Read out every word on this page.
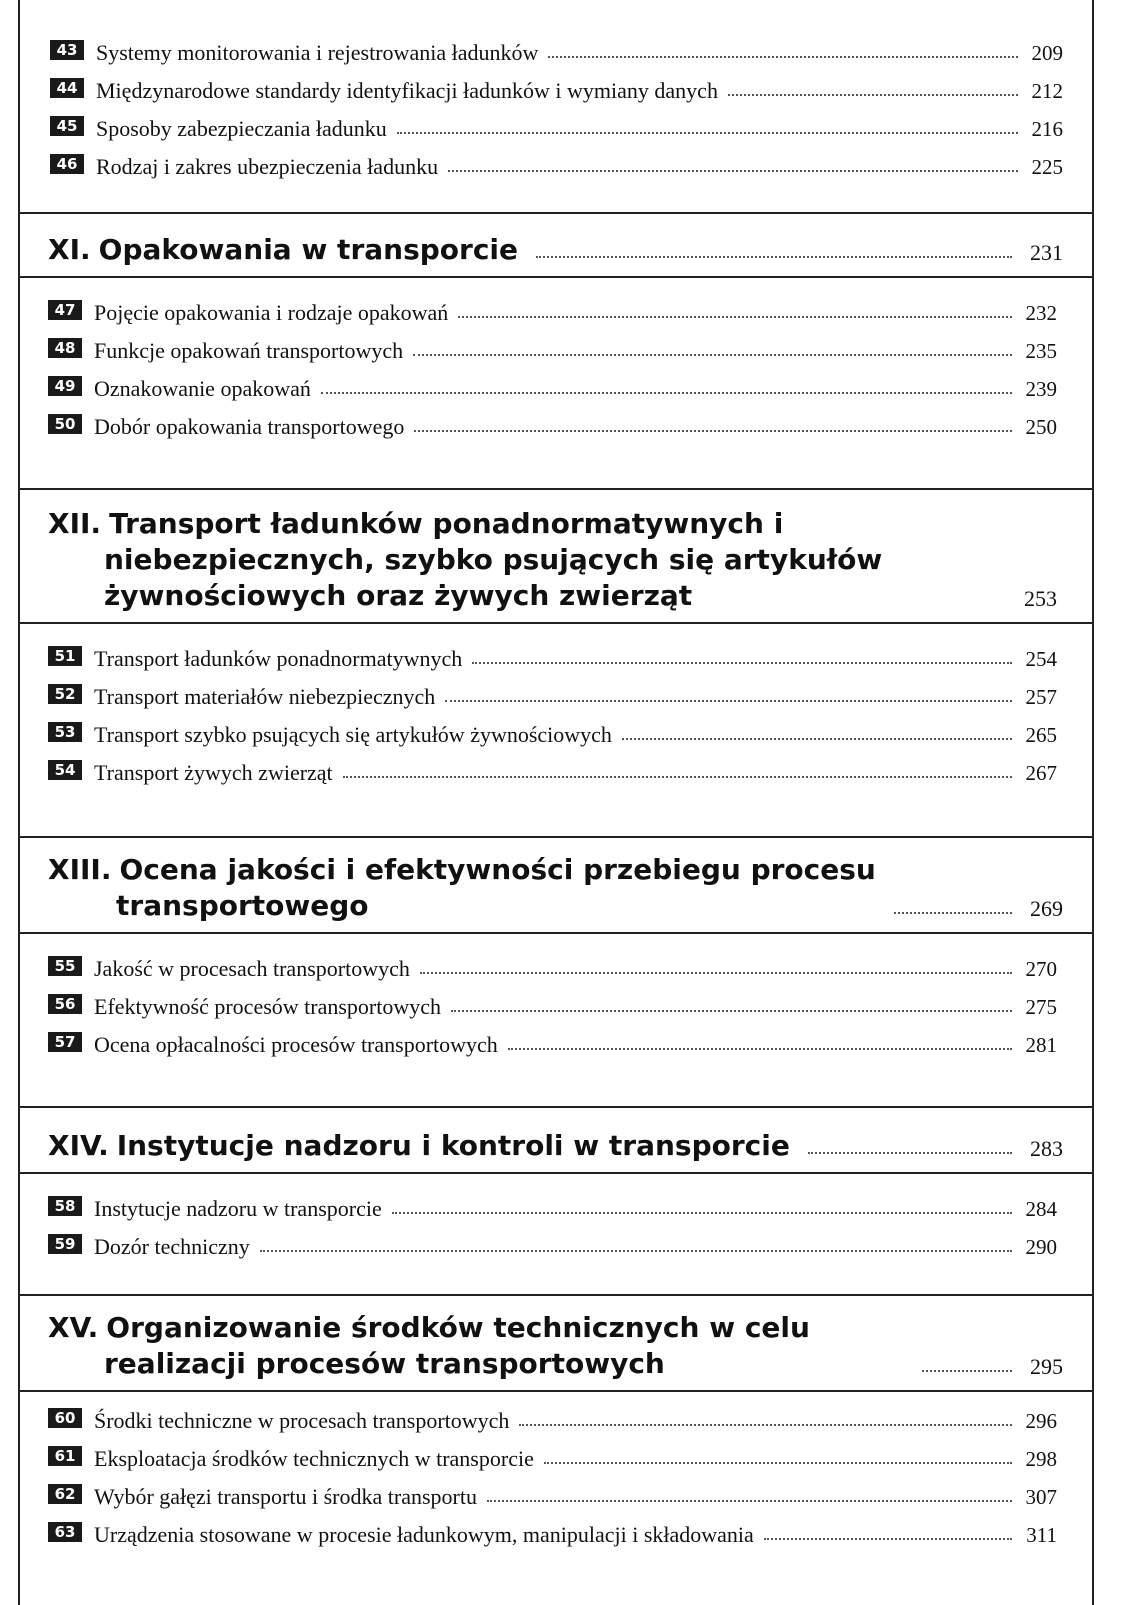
43 Systemy monitorowania i rejestrowania ładunków	209
44 Międzynarodowe standardy identyfikacji ładunków i wymiany danych	212
45 Sposoby zabezpieczania ładunku	216
46 Rodzaj i zakres ubezpieczenia ładunku	225
XI. Opakowania w transporcie	231
47 Pojęcie opakowania i rodzaje opakowań	232
48 Funkcje opakowań transportowych	235
49 Oznakowanie opakowań	239
50 Dobór opakowania transportowego	250
XII. Transport ładunków ponadnormatywnych i niebezpiecznych, szybko psujących się artykułów żywnościowych oraz żywych zwierząt	253
51 Transport ładunków ponadnormatywnych	254
52 Transport materiałów niebezpiecznych	257
53 Transport szybko psujących się artykułów żywnościowych	265
54 Transport żywych zwierząt	267
XIII. Ocena jakości i efektywności przebiegu procesu transportowego	269
55 Jakość w procesach transportowych	270
56 Efektywność procesów transportowych	275
57 Ocena opłacalności procesów transportowych	281
XIV. Instytucje nadzoru i kontroli w transporcie	283
58 Instytucje nadzoru w transporcie	284
59 Dozór techniczny	290
XV. Organizowanie środków technicznych w celu realizacji procesów transportowych	295
60 Środki techniczne w procesach transportowych	296
61 Eksploatacja środków technicznych w transporcie	298
62 Wybór gałęzi transportu i środka transportu	307
63 Urządzenia stosowane w procesie ładunkowym, manipulacji i składowania	311
